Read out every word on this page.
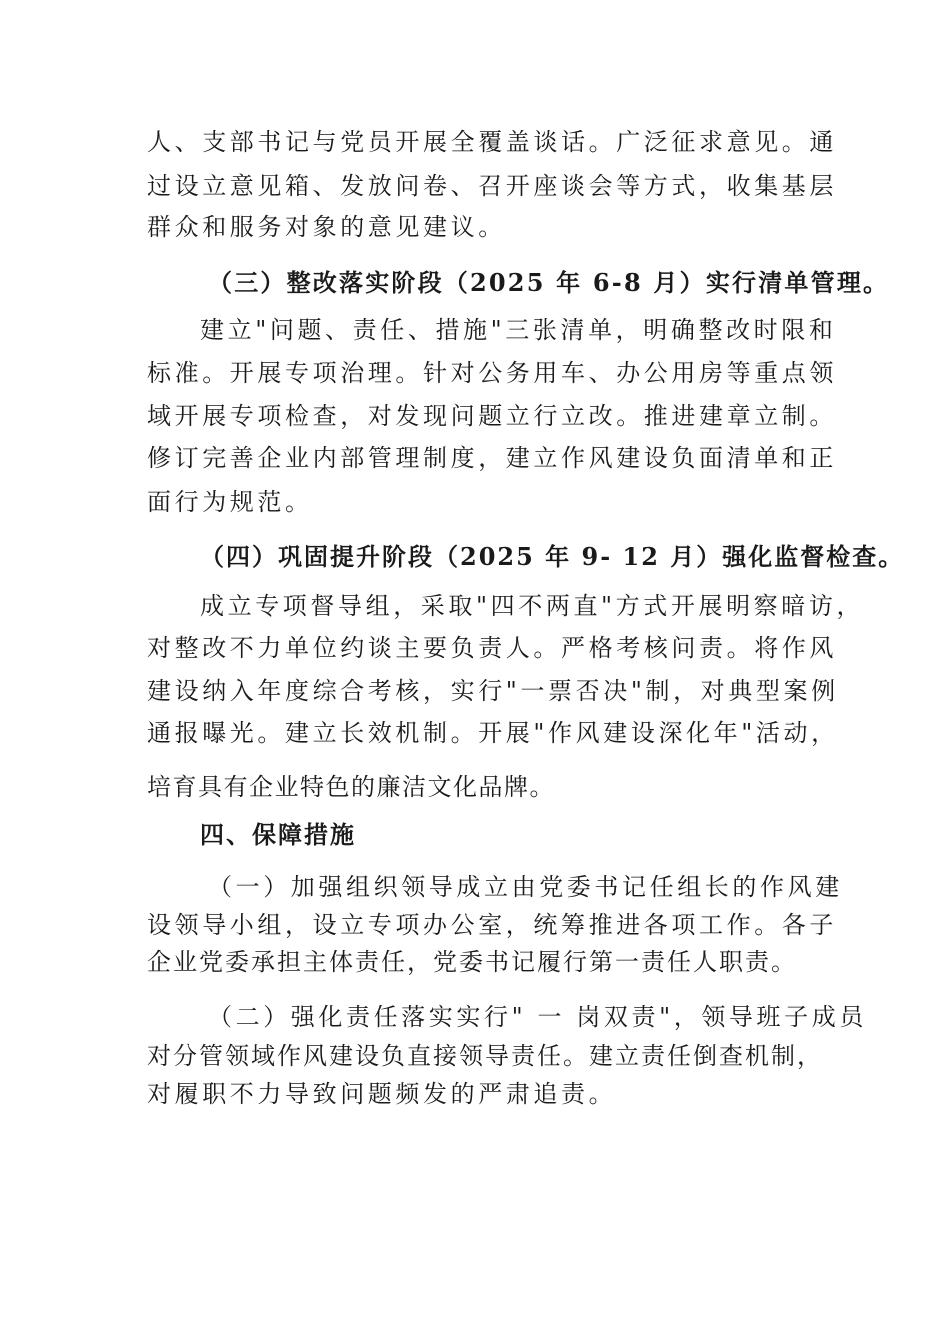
人、支部书记与党员开展全覆盖谈话。广泛征求意见。通
过设立意见箱、发放问卷、召开座谈会等方式，收集基层
群众和服务对象的意见建议。
（三）整改落实阶段（2025 年 6-8 月）实行清单管理。
建立"问题、责任、措施"三张清单，明确整改时限和
标准。开展专项治理。针对公务用车、办公用房等重点领
域开展专项检查，对发现问题立行立改。推进建章立制。
修订完善企业内部管理制度，建立作风建设负面清单和正
面行为规范。
（四）巩固提升阶段（2025 年 9- 12 月）强化监督检查。
成立专项督导组，采取"四不两直"方式开展明察暗访，
对整改不力单位约谈主要负责人。严格考核问责。将作风
建设纳入年度综合考核，实行"一票否决"制，对典型案例
通报曝光。建立长效机制。开展"作风建设深化年"活动，
培育具有企业特色的廉洁文化品牌。
四、保障措施
（一）加强组织领导成立由党委书记任组长的作风建
设领导小组，设立专项办公室，统筹推进各项工作。各子
企业党委承担主体责任，党委书记履行第一责任人职责。
（二）强化责任落实实行" 一 岗双责"，领导班子成员
对分管领域作风建设负直接领导责任。建立责任倒查机制，
对履职不力导致问题频发的严肃追责。
